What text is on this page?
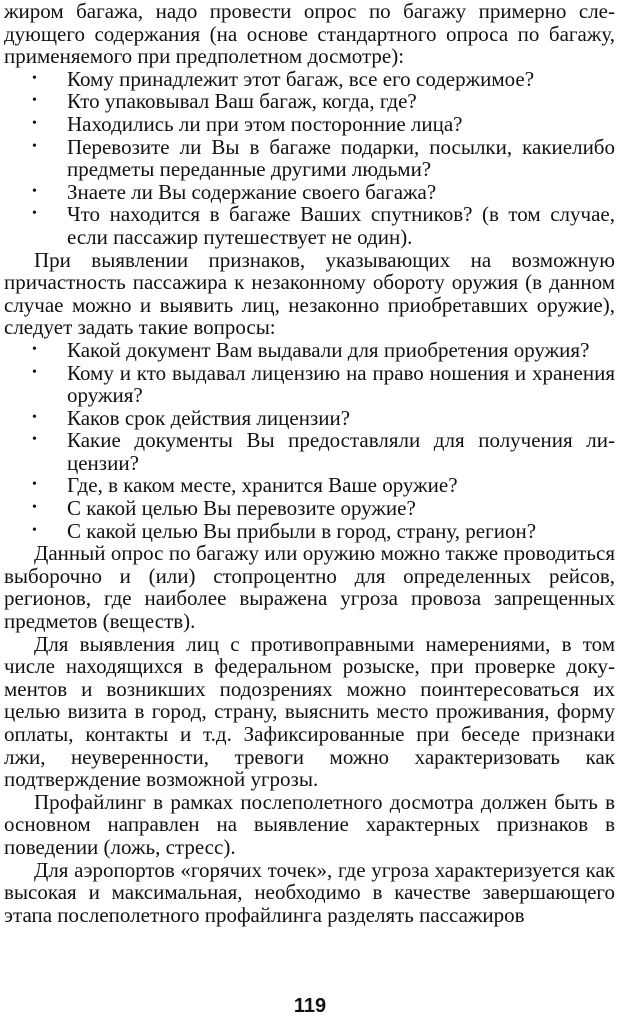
жиром багажа, надо провести опрос по багажу примерно следующего содержания (на основе стандартного опроса по багажу, применяемого при предполетном досмотре):

• Кому принадлежит этот багаж, все его содержимое?
• Кто упаковывал Ваш багаж, когда, где?
• Находились ли при этом посторонние лица?
• Перевозите ли Вы в багаже подарки, посылки, какиелибо предметы переданные другими людьми?
• Знаете ли Вы содержание своего багажа?
• Что находится в багаже Ваших спутников? (в том случае, если пассажир путешествует не один).

При выявлении признаков, указывающих на возможную причастность пассажира к незаконному обороту оружия (в данном случае можно и выявить лиц, незаконно приобретавших оружие), следует задать такие вопросы:

• Какой документ Вам выдавали для приобретения оружия?
• Кому и кто выдавал лицензию на право ношения и хранения оружия?
• Каков срок действия лицензии?
• Какие документы Вы предоставляли для получения лицензии?
• Где, в каком месте, хранится Ваше оружие?
• С какой целью Вы перевозите оружие?
• С какой целью Вы прибыли в город, страну, регион?

Данный опрос по багажу или оружию можно также проводиться выборочно и (или) стопроцентно для определенных рейсов, регионов, где наиболее выражена угроза провоза запрещенных предметов (веществ).

Для выявления лиц с противоправными намерениями, в том числе находящихся в федеральном розыске, при проверке документов и возникших подозрениях можно поинтересоваться их целью визита в город, страну, выяснить место проживания, форму оплаты, контакты и т.д. Зафиксированные при беседе признаки лжи, неуверенности, тревоги можно характеризовать как подтверждение возможной угрозы.

Профайлинг в рамках послеполетного досмотра должен быть в основном направлен на выявление характерных признаков в поведении (ложь, стресс).

Для аэропортов «горячих точек», где угроза характеризуется как высокая и максимальная, необходимо в качестве завершающего этапа послеполетного профайлинга разделять пассажиров

119
